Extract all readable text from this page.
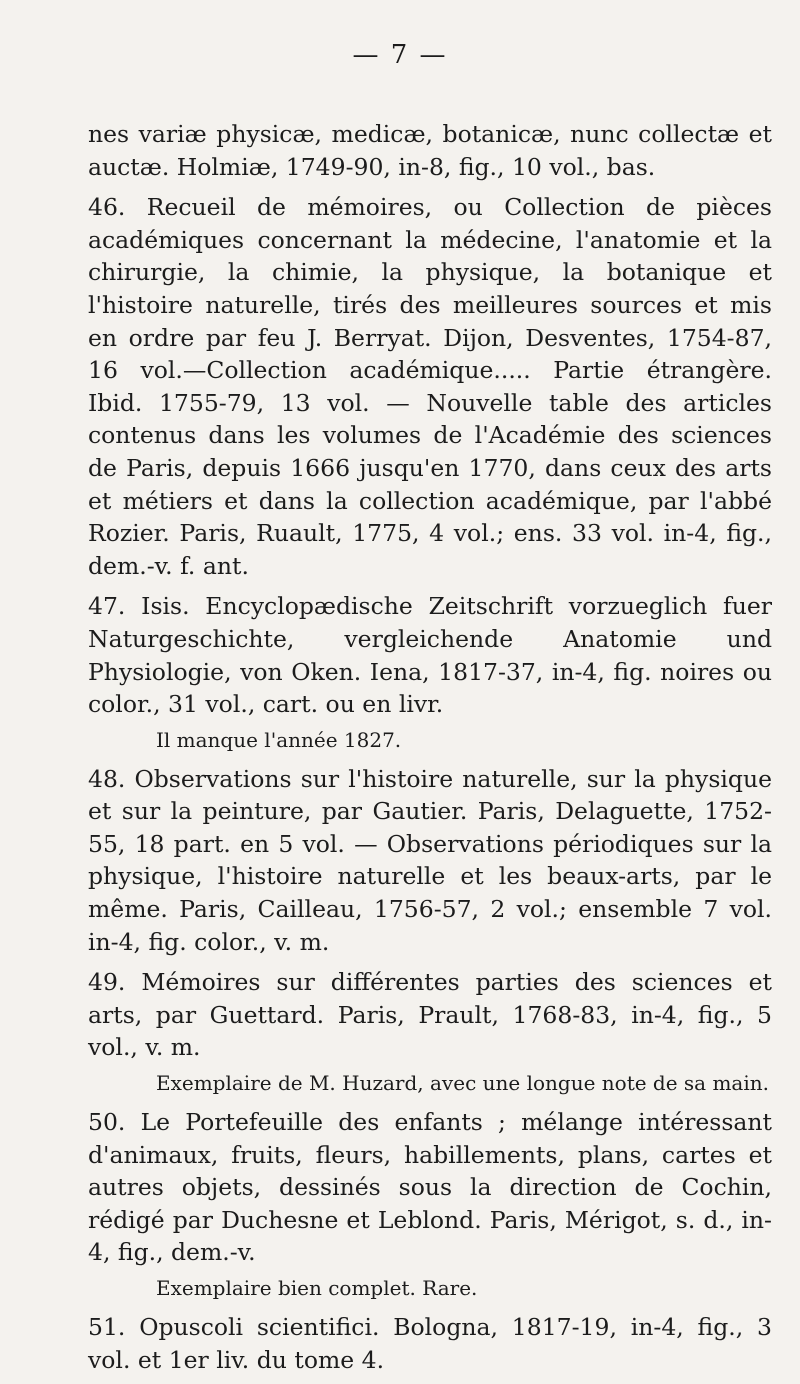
— 7 —

nes variæ physicæ, medicæ, botanicæ, nunc collectæ et auctæ. Holmiæ, 1749-90, in-8, fig., 10 vol., bas.

46. Recueil de mémoires, ou Collection de pièces académiques concernant la médecine, l'anatomie et la chirurgie, la chimie, la physique, la botanique et l'histoire naturelle, tirés des meilleures sources et mis en ordre par feu J. Berryat. Dijon, Desventes, 1754-87, 16 vol.—Collection académique..... Partie étrangère. Ibid. 1755-79, 13 vol. — Nouvelle table des articles contenus dans les volumes de l'Académie des sciences de Paris, depuis 1666 jusqu'en 1770, dans ceux des arts et métiers et dans la collection académique, par l'abbé Rozier. Paris, Ruault, 1775, 4 vol.; ens. 33 vol. in-4, fig., dem.-v. f. ant.

47. Isis. Encyclopædische Zeitschrift vorzueglich fuer Naturgeschichte, vergleichende Anatomie und Physiologie, von Oken. Iena, 1817-37, in-4, fig. noires ou color., 31 vol., cart. ou en livr.

Il manque l'année 1827.

48. Observations sur l'histoire naturelle, sur la physique et sur la peinture, par Gautier. Paris, Delaguette, 1752-55, 18 part. en 5 vol. — Observations périodiques sur la physique, l'histoire naturelle et les beaux-arts, par le même. Paris, Cailleau, 1756-57, 2 vol.; ensemble 7 vol. in-4, fig. color., v. m.

49. Mémoires sur différentes parties des sciences et arts, par Guettard. Paris, Prault, 1768-83, in-4, fig., 5 vol., v. m.

Exemplaire de M. Huzard, avec une longue note de sa main.

50. Le Portefeuille des enfants ; mélange intéressant d'animaux, fruits, fleurs, habillements, plans, cartes et autres objets, dessinés sous la direction de Cochin, rédigé par Duchesne et Leblond. Paris, Mérigot, s. d., in-4, fig., dem.-v.

Exemplaire bien complet. Rare.

51. Opuscoli scientifici. Bologna, 1817-19, in-4, fig., 3 vol. et 1er liv. du tome 4.
